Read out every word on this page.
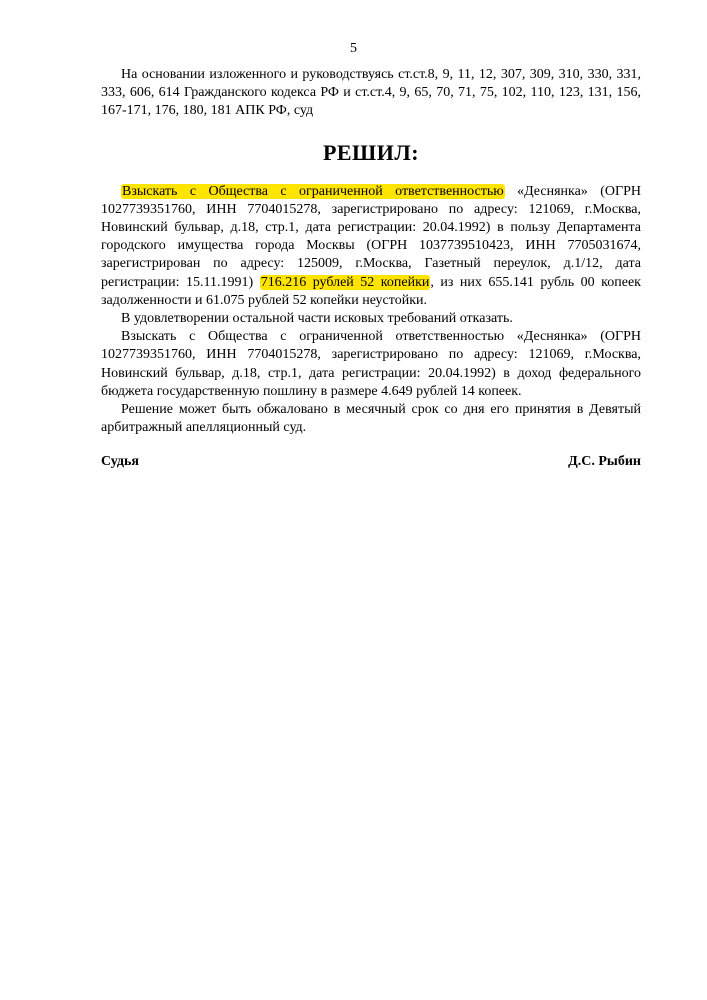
5

На основании изложенного и руководствуясь ст.ст.8, 9, 11, 12, 307, 309, 310, 330, 331, 333, 606, 614 Гражданского кодекса РФ и ст.ст.4, 9, 65, 70, 71, 75, 102, 110, 123, 131, 156, 167-171, 176, 180, 181 АПК РФ, суд

РЕШИЛ:

Взыскать с Общества с ограниченной ответственностью «Деснянка» (ОГРН 1027739351760, ИНН 7704015278, зарегистрировано по адресу: 121069, г.Москва, Новинский бульвар, д.18, стр.1, дата регистрации: 20.04.1992) в пользу Департамента городского имущества города Москвы (ОГРН 1037739510423, ИНН 7705031674, зарегистрирован по адресу: 125009, г.Москва, Газетный переулок, д.1/12, дата регистрации: 15.11.1991) 716.216 рублей 52 копейки, из них 655.141 рубль 00 копеек задолженности и 61.075 рублей 52 копейки неустойки.

В удовлетворении остальной части исковых требований отказать.

Взыскать с Общества с ограниченной ответственностью «Деснянка» (ОГРН 1027739351760, ИНН 7704015278, зарегистрировано по адресу: 121069, г.Москва, Новинский бульвар, д.18, стр.1, дата регистрации: 20.04.1992) в доход федерального бюджета государственную пошлину в размере 4.649 рублей 14 копеек.

Решение может быть обжаловано в месячный срок со дня его принятия в Девятый арбитражный апелляционный суд.

Судья	Д.С. Рыбин
